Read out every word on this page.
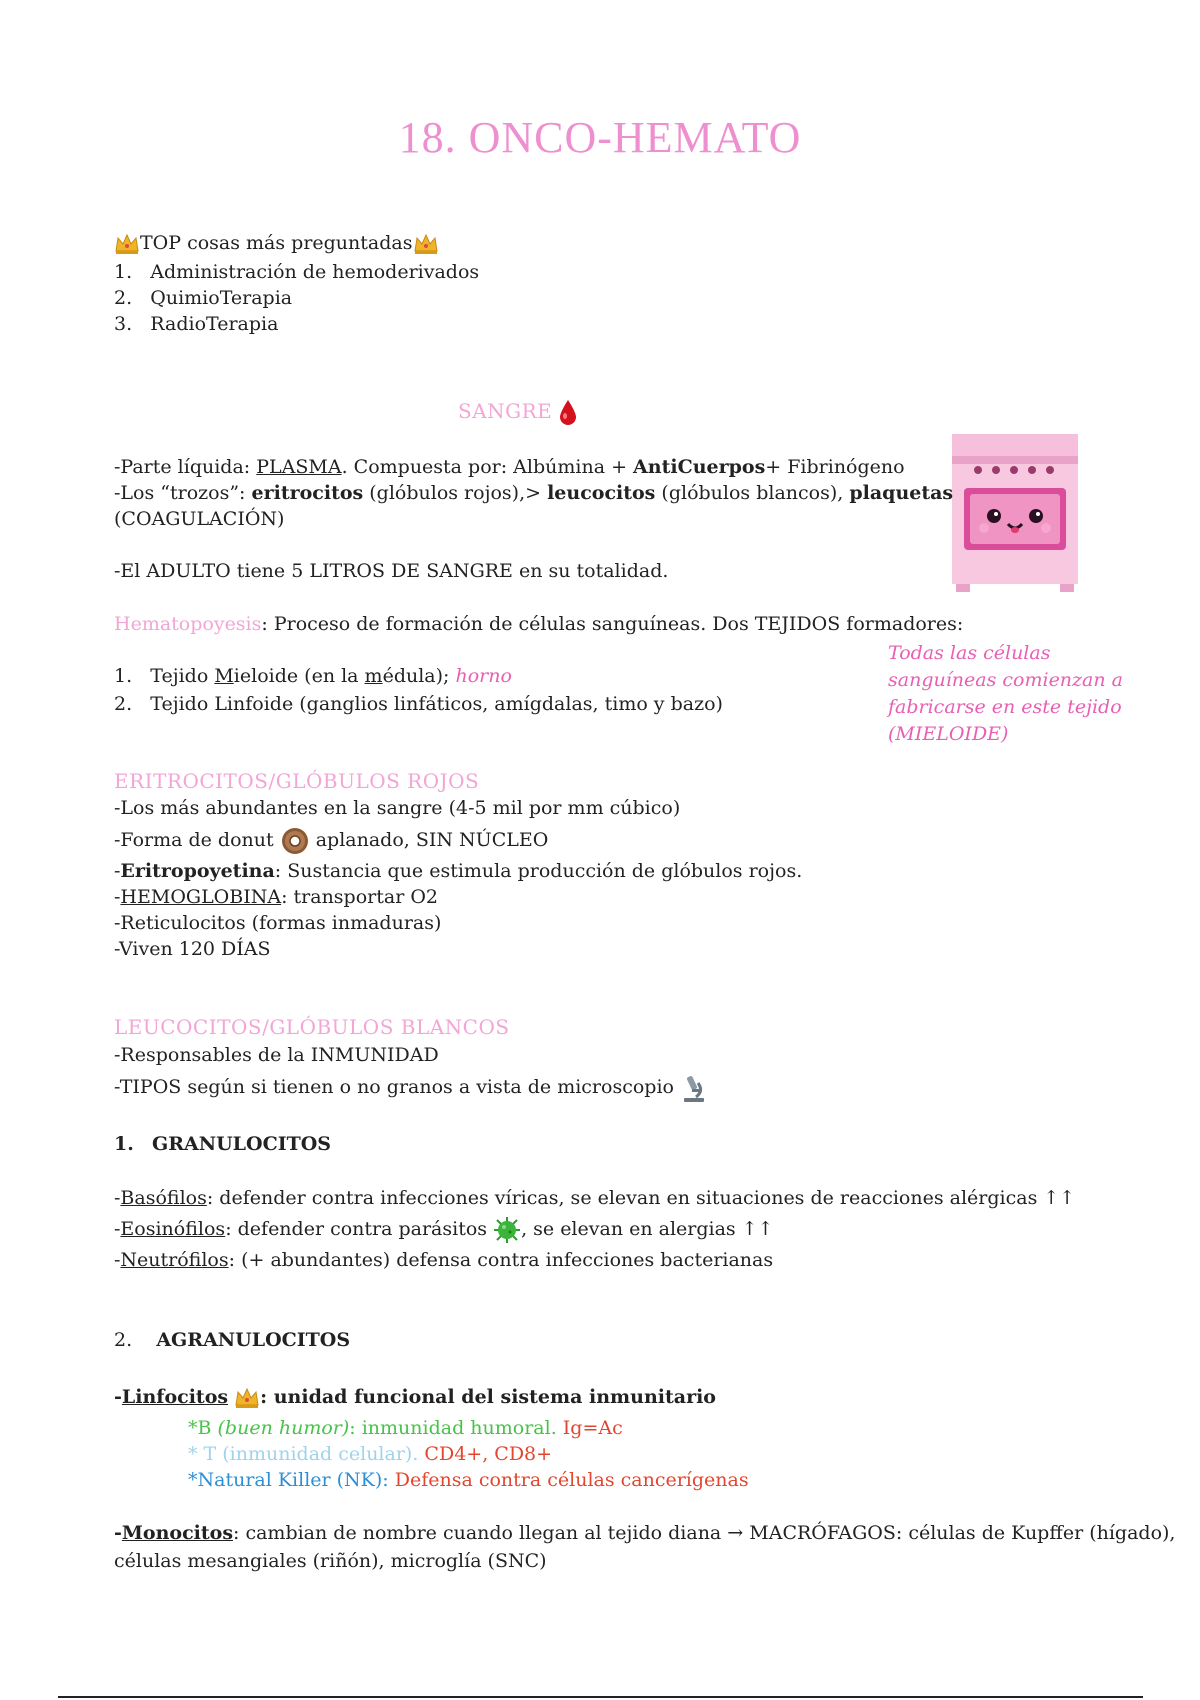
18. ONCO-HEMATO
TOP cosas más preguntadas
1. Administración de hemoderivados
2. QuimioTerapia
3. RadioTerapia
SANGRE
-Parte líquida: PLASMA. Compuesta por: Albúmina + AntiCuerpos+ Fibrinógeno
-Los “trozos”: eritrocitos (glóbulos rojos),> leucocitos (glóbulos blancos), plaquetas
(COAGULACIÓN)
-El ADULTO tiene 5 LITROS DE SANGRE en su totalidad.
Hematopoyesis: Proceso de formación de células sanguíneas. Dos TEJIDOS formadores:
1. Tejido Mieloide (en la médula); horno
2. Tejido Linfoide (ganglios linfáticos, amígdalas, timo y bazo)
Todas las células sanguíneas comienzan a fabricarse en este tejido (MIELOIDE)
ERITROCITOS/GLÓBULOS ROJOS
-Los más abundantes en la sangre (4-5 mil por mm cúbico)
-Forma de donut  aplanado, SIN NÚCLEO
-Eritropoyetina: Sustancia que estimula producción de glóbulos rojos.
-HEMOGLOBINA: transportar O2
-Reticulocitos (formas inmaduras)
-Viven 120 DÍAS
LEUCOCITOS/GLÓBULOS BLANCOS
-Responsables de la INMUNIDAD
-TIPOS según si tienen o no granos a vista de microscopio
1. GRANULOCITOS
-Basófilos: defender contra infecciones víricas, se elevan en situaciones de reacciones alérgicas ↑↑
-Eosinófilos: defender contra parásitos , se elevan en alergias ↑↑
-Neutrófilos: (+ abundantes) defensa contra infecciones bacterianas
2. AGRANULOCITOS
-Linfocitos : unidad funcional del sistema inmunitario
*B (buen humor): inmunidad humoral. Ig=Ac
* T (inmunidad celular). CD4+, CD8+
*Natural Killer (NK): Defensa contra células cancerígenas
-Monocitos: cambian de nombre cuando llegan al tejido diana → MACRÓFAGOS: células de Kupffer (hígado),
células mesangiales (riñón), microglía (SNC)
